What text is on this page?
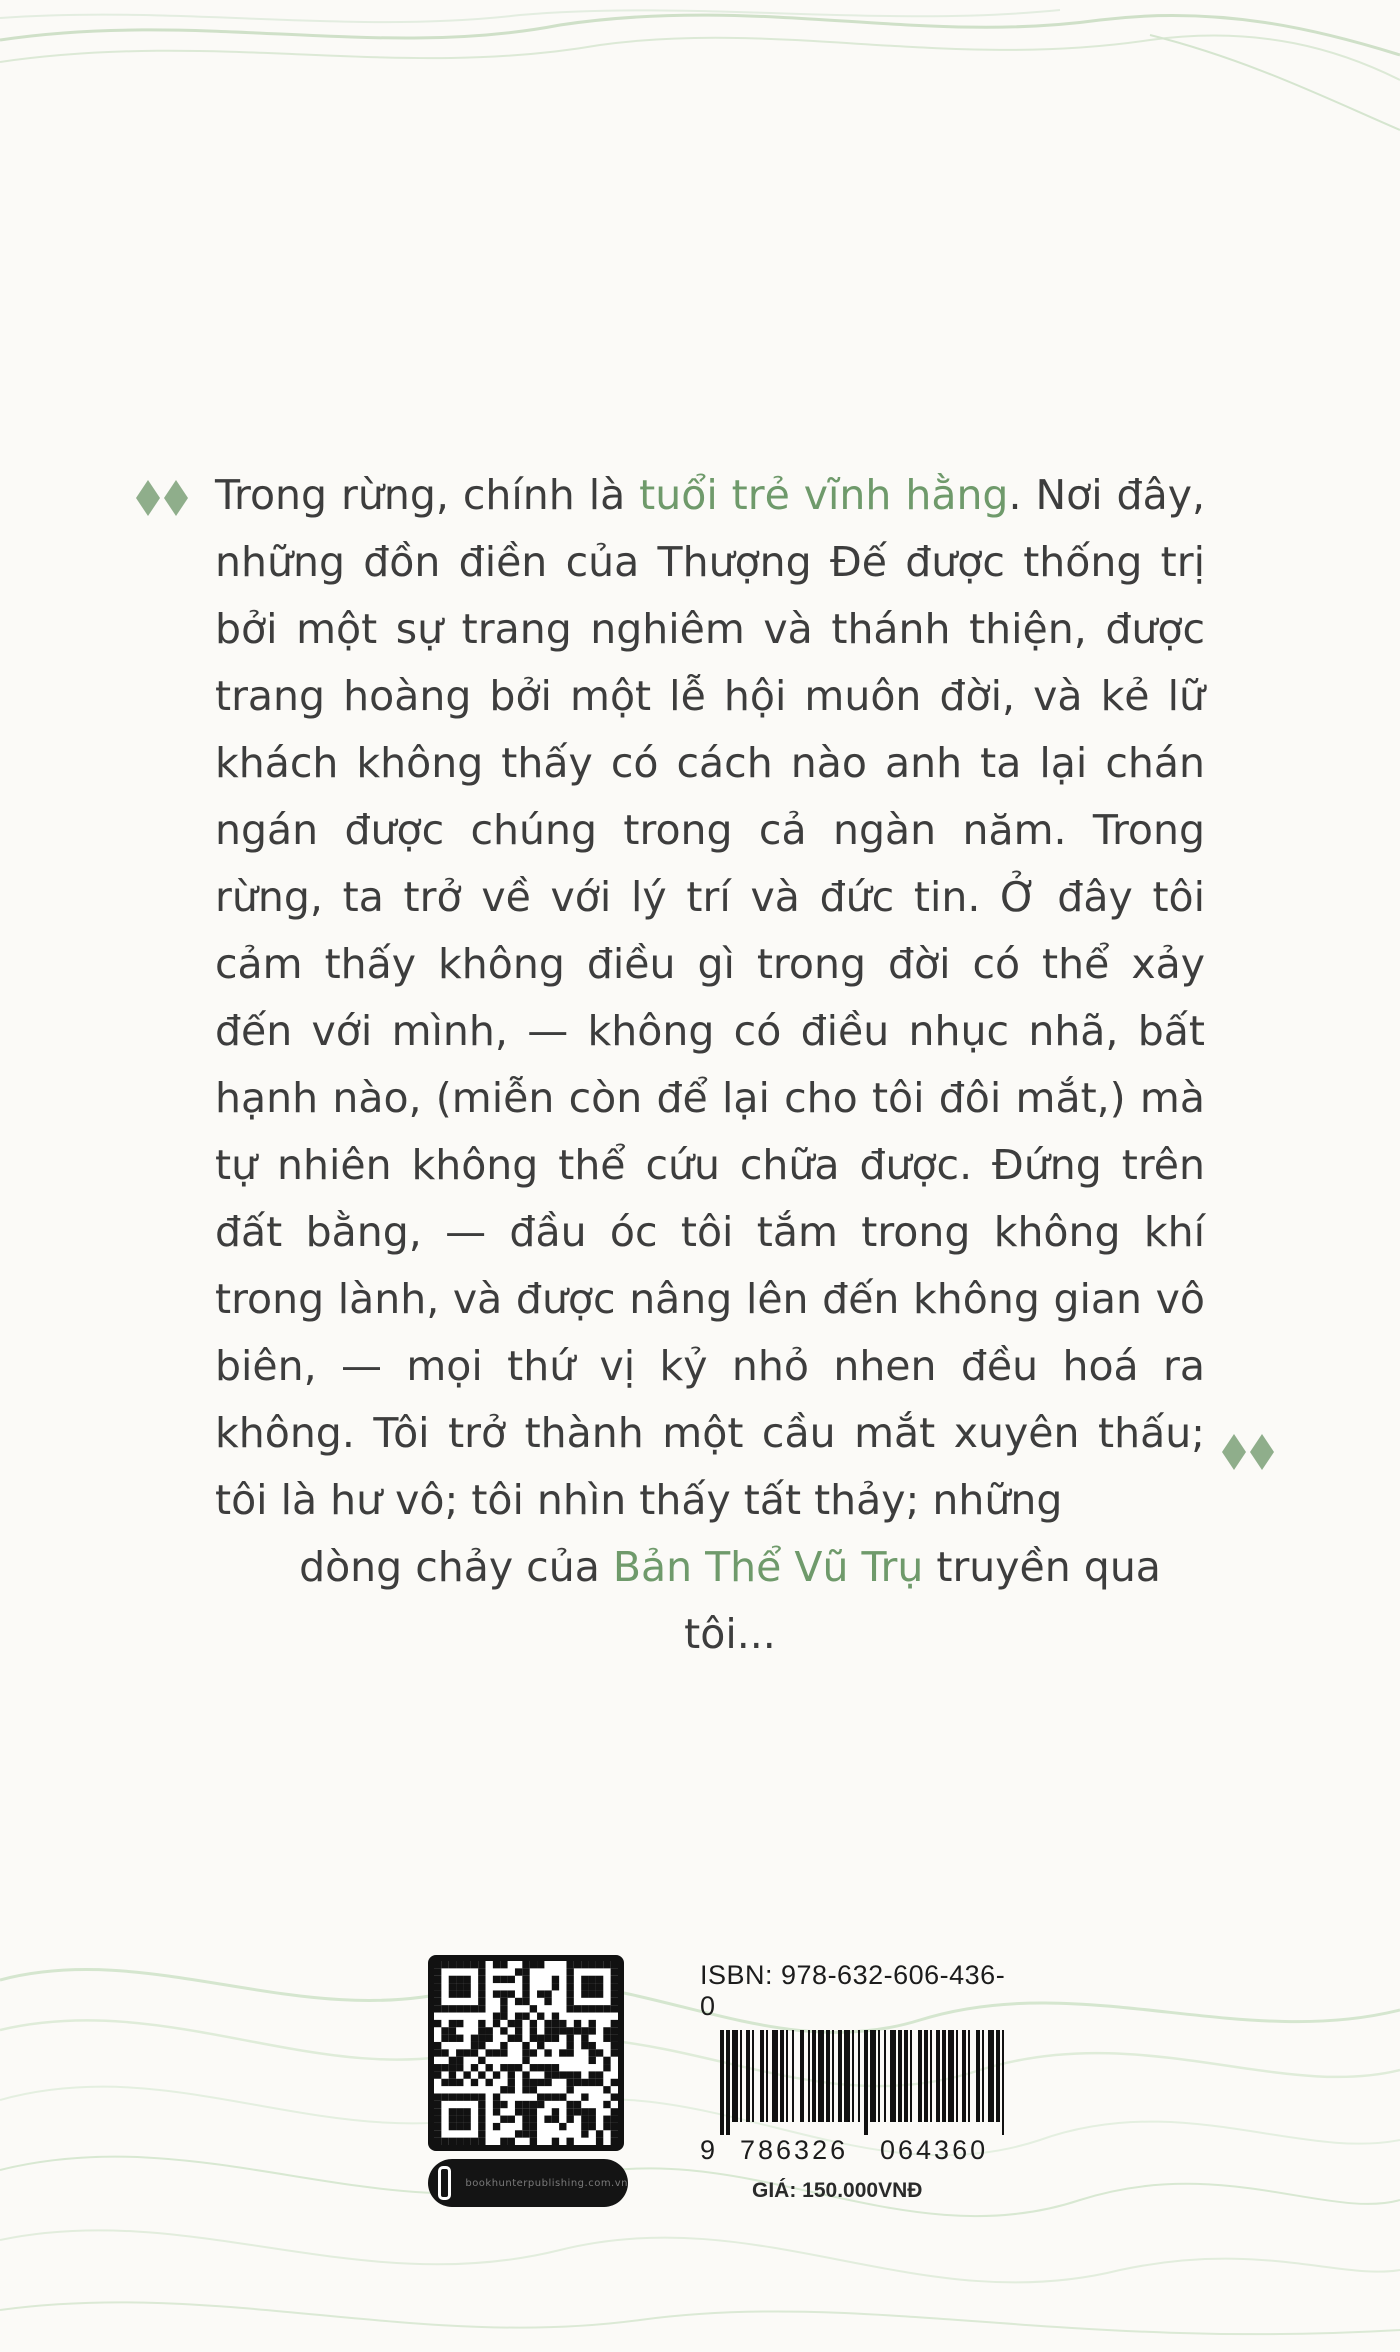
Trong rừng, chính là tuổi trẻ vĩnh hằng. Nơi đây, những đồn điền của Thượng Đế được thống trị bởi một sự trang nghiêm và thánh thiện, được trang hoàng bởi một lễ hội muôn đời, và kẻ lữ khách không thấy có cách nào anh ta lại chán ngán được chúng trong cả ngàn năm. Trong rừng, ta trở về với lý trí và đức tin. Ở đây tôi cảm thấy không điều gì trong đời có thể xảy đến với mình, — không có điều nhục nhã, bất hạnh nào, (miễn còn để lại cho tôi đôi mắt,) mà tự nhiên không thể cứu chữa được. Đứng trên đất bằng, — đầu óc tôi tắm trong không khí trong lành, và được nâng lên đến không gian vô biên, — mọi thứ vị kỷ nhỏ nhen đều hoá ra không. Tôi trở thành một cầu mắt xuyên thấu; tôi là hư vô; tôi nhìn thấy tất thảy; những
dòng chảy của Bản Thể Vũ Trụ truyền qua tôi...

bookhunterpublishing.com.vn
ISBN: 978-632-606-436-0
9 786326 064360
GIÁ: 150.000VNĐ
